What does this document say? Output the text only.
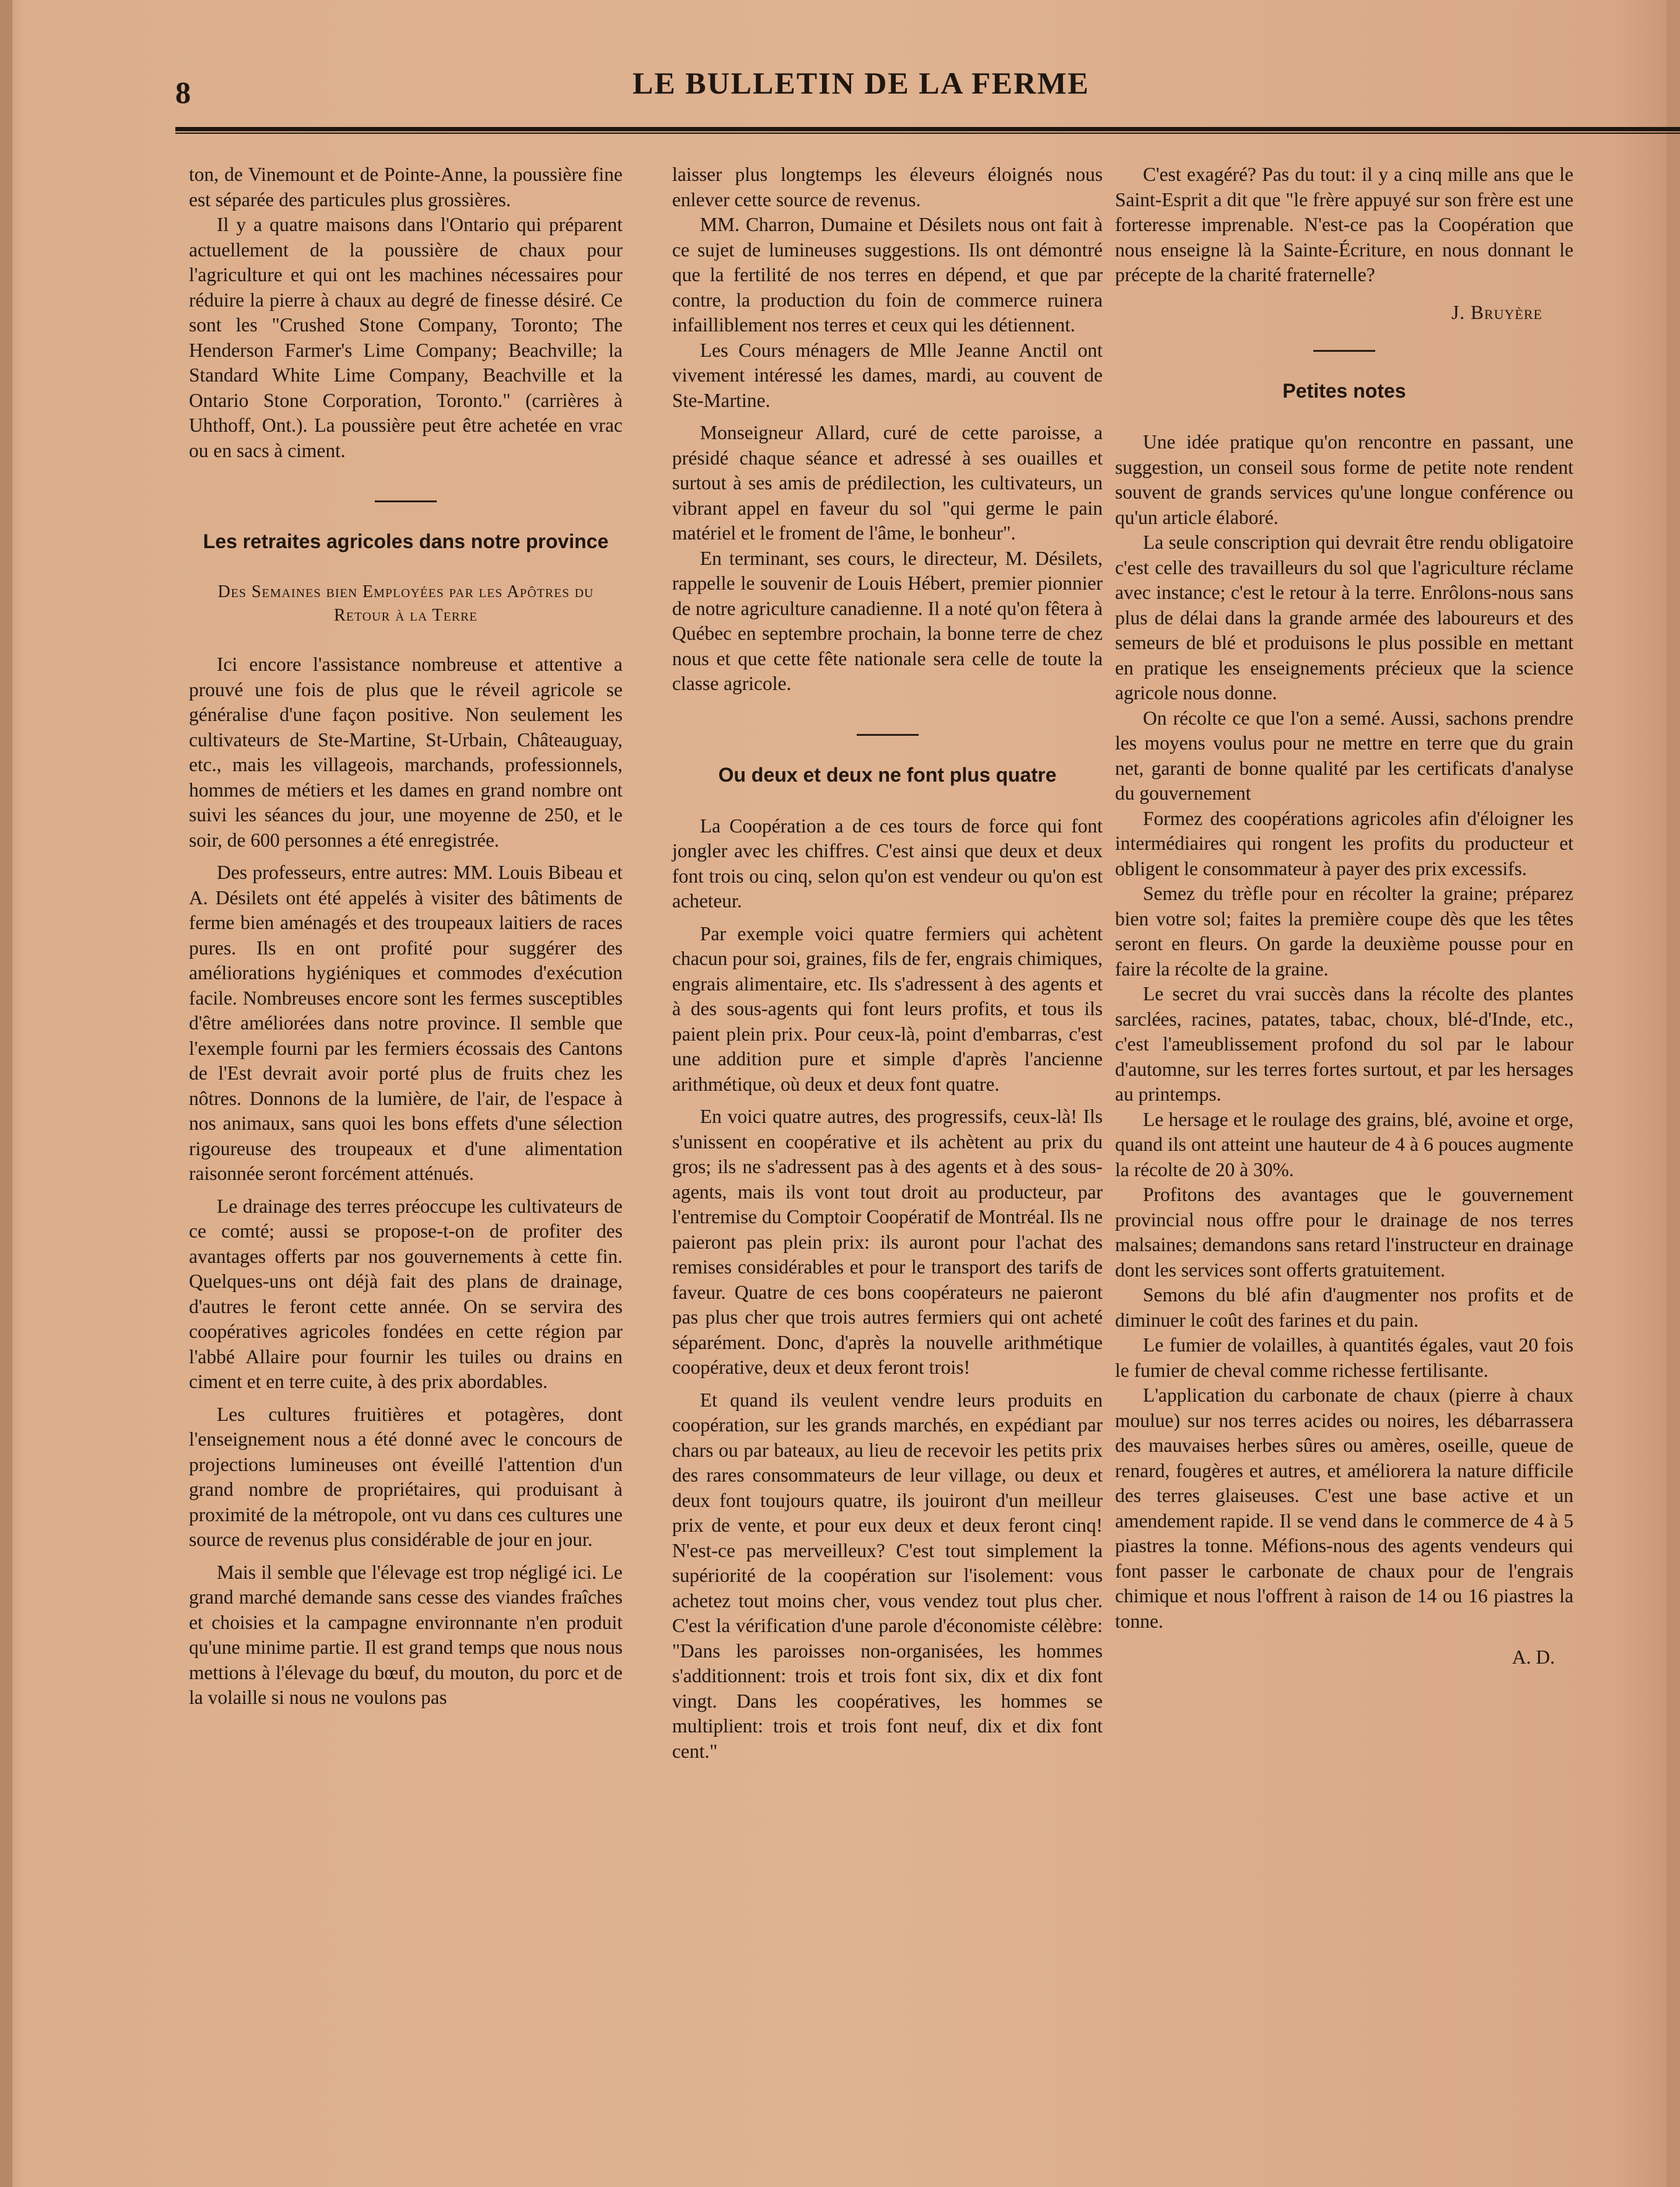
8	LE BULLETIN DE LA FERME

ton, de Vinemount et de Pointe-Anne, la poussière fine est séparée des particules plus grossières.

Il y a quatre maisons dans l'Ontario qui préparent actuellement de la poussière de chaux pour l'agriculture et qui ont les machines nécessaires pour réduire la pierre à chaux au degré de finesse désiré. Ce sont les "Crushed Stone Company, Toronto; The Henderson Farmer's Lime Company; Beachville; la Standard White Lime Company, Beachville et la Ontario Stone Corporation, Toronto." (carrières à Uhthoff, Ont.). La poussière peut être achetée en vrac ou en sacs à ciment.

Les retraites agricoles dans notre province
Des Semaines bien Employées par les Apôtres du Retour à la Terre

Ici encore l'assistance nombreuse et attentive a prouvé une fois de plus que le réveil agricole se généralise d'une façon positive. Non seulement les cultivateurs de Ste-Martine, St-Urbain, Châteauguay, etc., mais les villageois, marchands, professionnels, hommes de métiers et les dames en grand nombre ont suivi les séances du jour, une moyenne de 250, et le soir, de 600 personnes a été enregistrée.

Des professeurs, entre autres: MM. Louis Bibeau et A. Désilets ont été appelés à visiter des bâtiments de ferme bien aménagés et des troupeaux laitiers de races pures. Ils en ont profité pour suggérer des améliorations hygiéniques et commodes d'exécution facile. Nombreuses encore sont les fermes susceptibles d'être améliorées dans notre province. Il semble que l'exemple fourni par les fermiers écossais des Cantons de l'Est devrait avoir porté plus de fruits chez les nôtres. Donnons de la lumière, de l'air, de l'espace à nos animaux, sans quoi les bons effets d'une sélection rigoureuse des troupeaux et d'une alimentation raisonnée seront forcément atténués.

Le drainage des terres préoccupe les cultivateurs de ce comté; aussi se propose-t-on de profiter des avantages offerts par nos gouvernements à cette fin. Quelques-uns ont déjà fait des plans de drainage, d'autres le feront cette année. On se servira des coopératives agricoles fondées en cette région par l'abbé Allaire pour fournir les tuiles ou drains en ciment et en terre cuite, à des prix abordables.

Les cultures fruitières et potagères, dont l'enseignement nous a été donné avec le concours de projections lumineuses ont éveillé l'attention d'un grand nombre de propriétaires, qui produisant à proximité de la métropole, ont vu dans ces cultures une source de revenus plus considérable de jour en jour.

Mais il semble que l'élevage est trop négligé ici. Le grand marché demande sans cesse des viandes fraîches et choisies et la campagne environnante n'en produit qu'une minime partie. Il est grand temps que nous nous mettions à l'élevage du bœuf, du mouton, du porc et de la volaille si nous ne voulons pas

laisser plus longtemps les éleveurs éloignés nous enlever cette source de revenus.

MM. Charron, Dumaine et Désilets nous ont fait à ce sujet de lumineuses suggestions. Ils ont démontré que la fertilité de nos terres en dépend, et que par contre, la production du foin de commerce ruinera infailliblement nos terres et ceux qui les détiennent.

Les Cours ménagers de Mlle Jeanne Anctil ont vivement intéressé les dames, mardi, au couvent de Ste-Martine.

Monseigneur Allard, curé de cette paroisse, a présidé chaque séance et adressé à ses ouailles et surtout à ses amis de prédilection, les cultivateurs, un vibrant appel en faveur du sol "qui germe le pain matériel et le froment de l'âme, le bonheur".

En terminant, ses cours, le directeur, M. Désilets, rappelle le souvenir de Louis Hébert, premier pionnier de notre agriculture canadienne. Il a noté qu'on fêtera à Québec en septembre prochain, la bonne terre de chez nous et que cette fête nationale sera celle de toute la classe agricole.

Ou deux et deux ne font plus quatre

La Coopération a de ces tours de force qui font jongler avec les chiffres. C'est ainsi que deux et deux font trois ou cinq, selon qu'on est vendeur ou qu'on est acheteur.

Par exemple voici quatre fermiers qui achètent chacun pour soi, graines, fils de fer, engrais chimiques, engrais alimentaire, etc. Ils s'adressent à des agents et à des sous-agents qui font leurs profits, et tous ils paient plein prix. Pour ceux-là, point d'embarras, c'est une addition pure et simple d'après l'ancienne arithmétique, où deux et deux font quatre.

En voici quatre autres, des progressifs, ceux-là! Ils s'unissent en coopérative et ils achètent au prix du gros; ils ne s'adressent pas à des agents et à des sous-agents, mais ils vont tout droit au producteur, par l'entremise du Comptoir Coopératif de Montréal. Ils ne paieront pas plein prix: ils auront pour l'achat des remises considérables et pour le transport des tarifs de faveur. Quatre de ces bons coopérateurs ne paieront pas plus cher que trois autres fermiers qui ont acheté séparément. Donc, d'après la nouvelle arithmétique coopérative, deux et deux feront trois!

Et quand ils veulent vendre leurs produits en coopération, sur les grands marchés, en expédiant par chars ou par bateaux, au lieu de recevoir les petits prix des rares consommateurs de leur village, ou deux et deux font toujours quatre, ils jouiront d'un meilleur prix de vente, et pour eux deux et deux feront cinq! N'est-ce pas merveilleux? C'est tout simplement la supériorité de la coopération sur l'isolement: vous achetez tout moins cher, vous vendez tout plus cher. C'est la vérification d'une parole d'économiste célèbre: "Dans les paroisses non-organisées, les hommes s'additionnent: trois et trois font six, dix et dix font vingt. Dans les coopératives, les hommes se multiplient: trois et trois font neuf, dix et dix font cent."

C'est exagéré? Pas du tout: il y a cinq mille ans que le Saint-Esprit a dit que "le frère appuyé sur son frère est une forteresse imprenable. N'est-ce pas la Coopération que nous enseigne là la Sainte-Écriture, en nous donnant le précepte de la charité fraternelle?

J. Bruyère
Petites notes

Une idée pratique qu'on rencontre en passant, une suggestion, un conseil sous forme de petite note rendent souvent de grands services qu'une longue conférence ou qu'un article élaboré.

La seule conscription qui devrait être rendu obligatoire c'est celle des travailleurs du sol que l'agriculture réclame avec instance; c'est le retour à la terre. Enrôlons-nous sans plus de délai dans la grande armée des laboureurs et des semeurs de blé et produisons le plus possible en mettant en pratique les enseignements précieux que la science agricole nous donne.

On récolte ce que l'on a semé. Aussi, sachons prendre les moyens voulus pour ne mettre en terre que du grain net, garanti de bonne qualité par les certificats d'analyse du gouvernement

Formez des coopérations agricoles afin d'éloigner les intermédiaires qui rongent les profits du producteur et obligent le consommateur à payer des prix excessifs.

Semez du trèfle pour en récolter la graine; préparez bien votre sol; faites la première coupe dès que les têtes seront en fleurs. On garde la deuxième pousse pour en faire la récolte de la graine.

Le secret du vrai succès dans la récolte des plantes sarclées, racines, patates, tabac, choux, blé-d'Inde, etc., c'est l'ameublissement profond du sol par le labour d'automne, sur les terres fortes surtout, et par les hersages au printemps.

Le hersage et le roulage des grains, blé, avoine et orge, quand ils ont atteint une hauteur de 4 à 6 pouces augmente la récolte de 20 à 30%.

Profitons des avantages que le gouvernement provincial nous offre pour le drainage de nos terres malsaines; demandons sans retard l'instructeur en drainage dont les services sont offerts gratuitement.

Semons du blé afin d'augmenter nos profits et de diminuer le coût des farines et du pain.

Le fumier de volailles, à quantités égales, vaut 20 fois le fumier de cheval comme richesse fertilisante.

L'application du carbonate de chaux (pierre à chaux moulue) sur nos terres acides ou noires, les débarrassera des mauvaises herbes sûres ou amères, oseille, queue de renard, fougères et autres, et améliorera la nature difficile des terres glaiseuses. C'est une base active et un amendement rapide. Il se vend dans le commerce de 4 à 5 piastres la tonne. Méfions-nous des agents vendeurs qui font passer le carbonate de chaux pour de l'engrais chimique et nous l'offrent à raison de 14 ou 16 piastres la tonne.

A. D.
